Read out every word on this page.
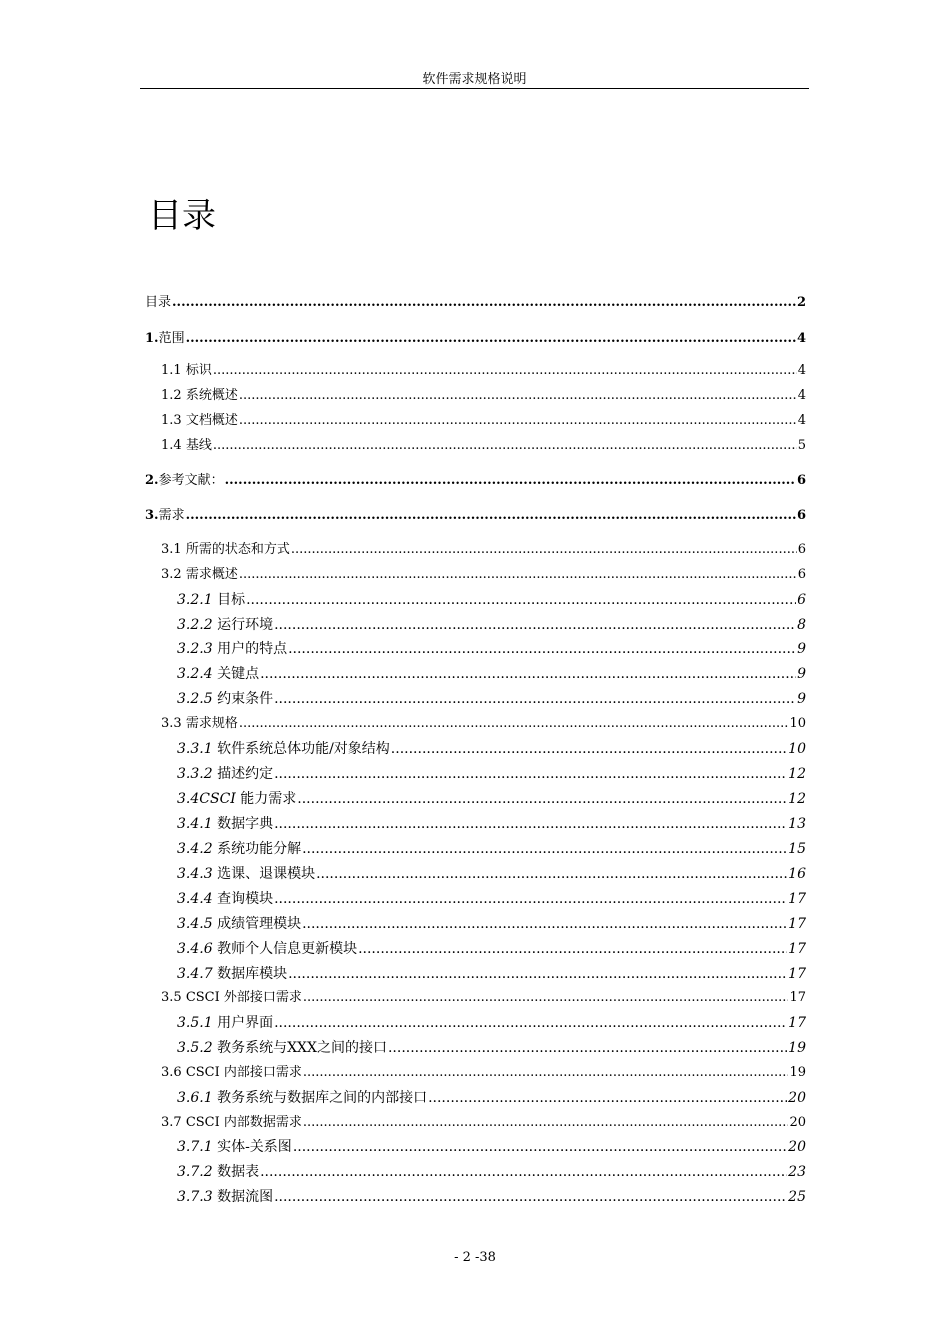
软件需求规格说明
目录
目录 .....	2
1.范围 .....	4
1.1 标识 .....	4
1.2 系统概述 .....	4
1.3 文档概述 .....	4
1.4 基线 .....	5
2.参考文献： .....	6
3.需求 .....	6
3.1 所需的状态和方式 .....	6
3.2 需求概述 .....	6
3.2.1 目标 .....	6
3.2.2 运行环境 .....	8
3.2.3 用户的特点 .....	9
3.2.4 关键点 .....	9
3.2.5 约束条件 .....	9
3.3 需求规格 .....	10
3.3.1 软件系统总体功能/对象结构 .....	10
3.3.2 描述约定 .....	12
3.4CSCI 能力需求 .....	12
3.4.1 数据字典 .....	13
3.4.2 系统功能分解 .....	15
3.4.3 选课、退课模块 .....	16
3.4.4 查询模块 .....	17
3.4.5 成绩管理模块 .....	17
3.4.6 教师个人信息更新模块 .....	17
3.4.7 数据库模块 .....	17
3.5 CSCI 外部接口需求 .....	17
3.5.1 用户界面 .....	17
3.5.2 教务系统与XXX之间的接口 .....	19
3.6 CSCI 内部接口需求 .....	19
3.6.1 教务系统与数据库之间的内部接口 .....	20
3.7 CSCI 内部数据需求 .....	20
3.7.1 实体-关系图 .....	20
3.7.2 数据表 .....	23
3.7.3 数据流图 .....	25
- 2 -38
